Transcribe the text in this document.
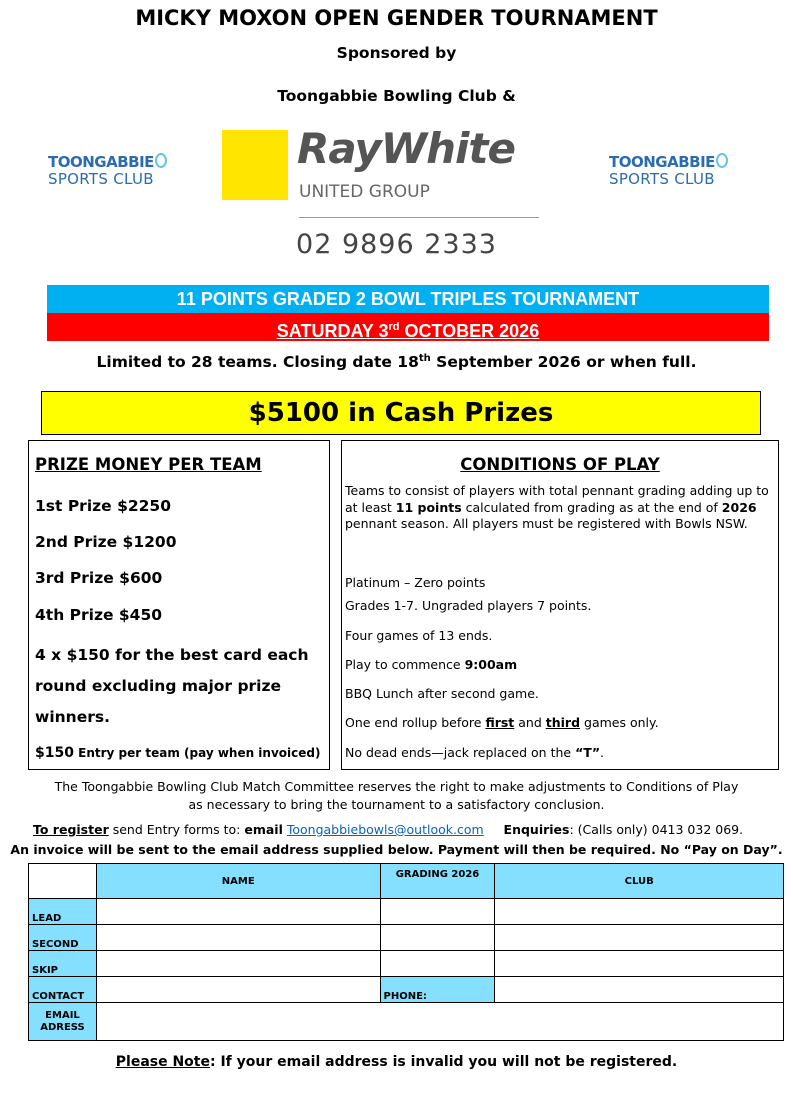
MICKY MOXON OPEN GENDER TOURNAMENT
Sponsored by
Toongabbie Bowling Club &
TOONGABBIE
SPORTS CLUB
TOONGABBIE
SPORTS CLUB
RayWhite
UNITED GROUP
02 9896 2333
11 POINTS GRADED 2 BOWL TRIPLES TOURNAMENT
SATURDAY 3rd OCTOBER 2026
Limited to 28 teams. Closing date 18th September 2026 or when full.
$5100 in Cash Prizes
PRIZE MONEY PER TEAM
1st Prize $2250
2nd Prize $1200
3rd Prize $600
4th Prize $450
4 x $150 for the best card each
round excluding major prize
winners.
$150 Entry per team (pay when invoiced)
CONDITIONS OF PLAY
Teams to consist of players with total pennant grading adding up to at least 11 points calculated from grading as at the end of 2026 pennant season. All players must be registered with Bowls NSW.
Platinum – Zero points
Grades 1-7. Ungraded players 7 points.
Four games of 13 ends.
Play to commence 9:00am
BBQ Lunch after second game.
One end rollup before first and third games only.
No dead ends—jack replaced on the “T”.
The Toongabbie Bowling Club Match Committee reserves the right to make adjustments to Conditions of Play
as necessary to bring the tournament to a satisfactory conclusion.
To register send Entry forms to: email Toongabbiebowls@outlook.com Enquiries: (Calls only) 0413 032 069.
An invoice will be sent to the email address supplied below. Payment will then be required. No “Pay on Day”.
	NAME	GRADING 2026	CLUB
LEAD			
SECOND			
SKIP			
CONTACT		PHONE:	

EMAIL
ADRESS			

Please Note: If your email address is invalid you will not be registered.
